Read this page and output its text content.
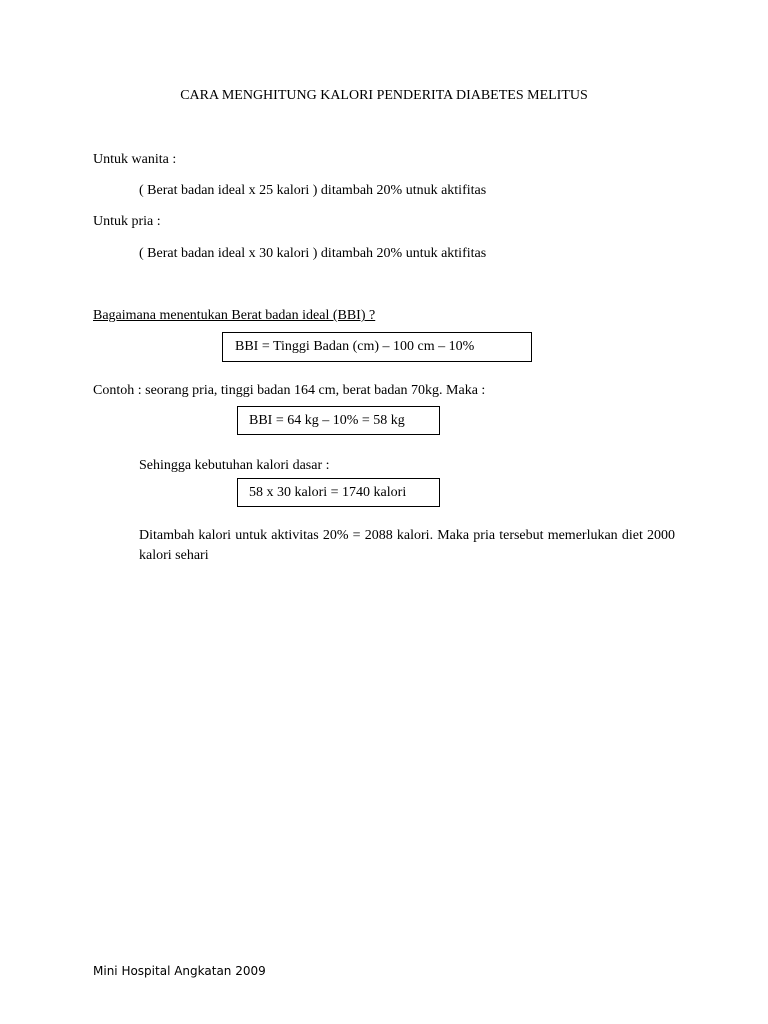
CARA MENGHITUNG KALORI PENDERITA DIABETES MELITUS
Untuk wanita :
( Berat badan ideal x 25 kalori ) ditambah 20% utnuk aktifitas
Untuk pria :
( Berat badan ideal x 30 kalori ) ditambah 20% untuk aktifitas
Bagaimana menentukan Berat badan ideal (BBI) ?
BBI = Tinggi Badan (cm) – 100 cm – 10%
Contoh : seorang pria, tinggi badan 164 cm, berat badan 70kg. Maka :
BBI = 64 kg – 10% = 58 kg
Sehingga kebutuhan kalori dasar :
58 x 30 kalori = 1740 kalori
Ditambah kalori untuk aktivitas 20% = 2088 kalori. Maka pria tersebut memerlukan diet 2000 kalori sehari
Mini Hospital Angkatan 2009
